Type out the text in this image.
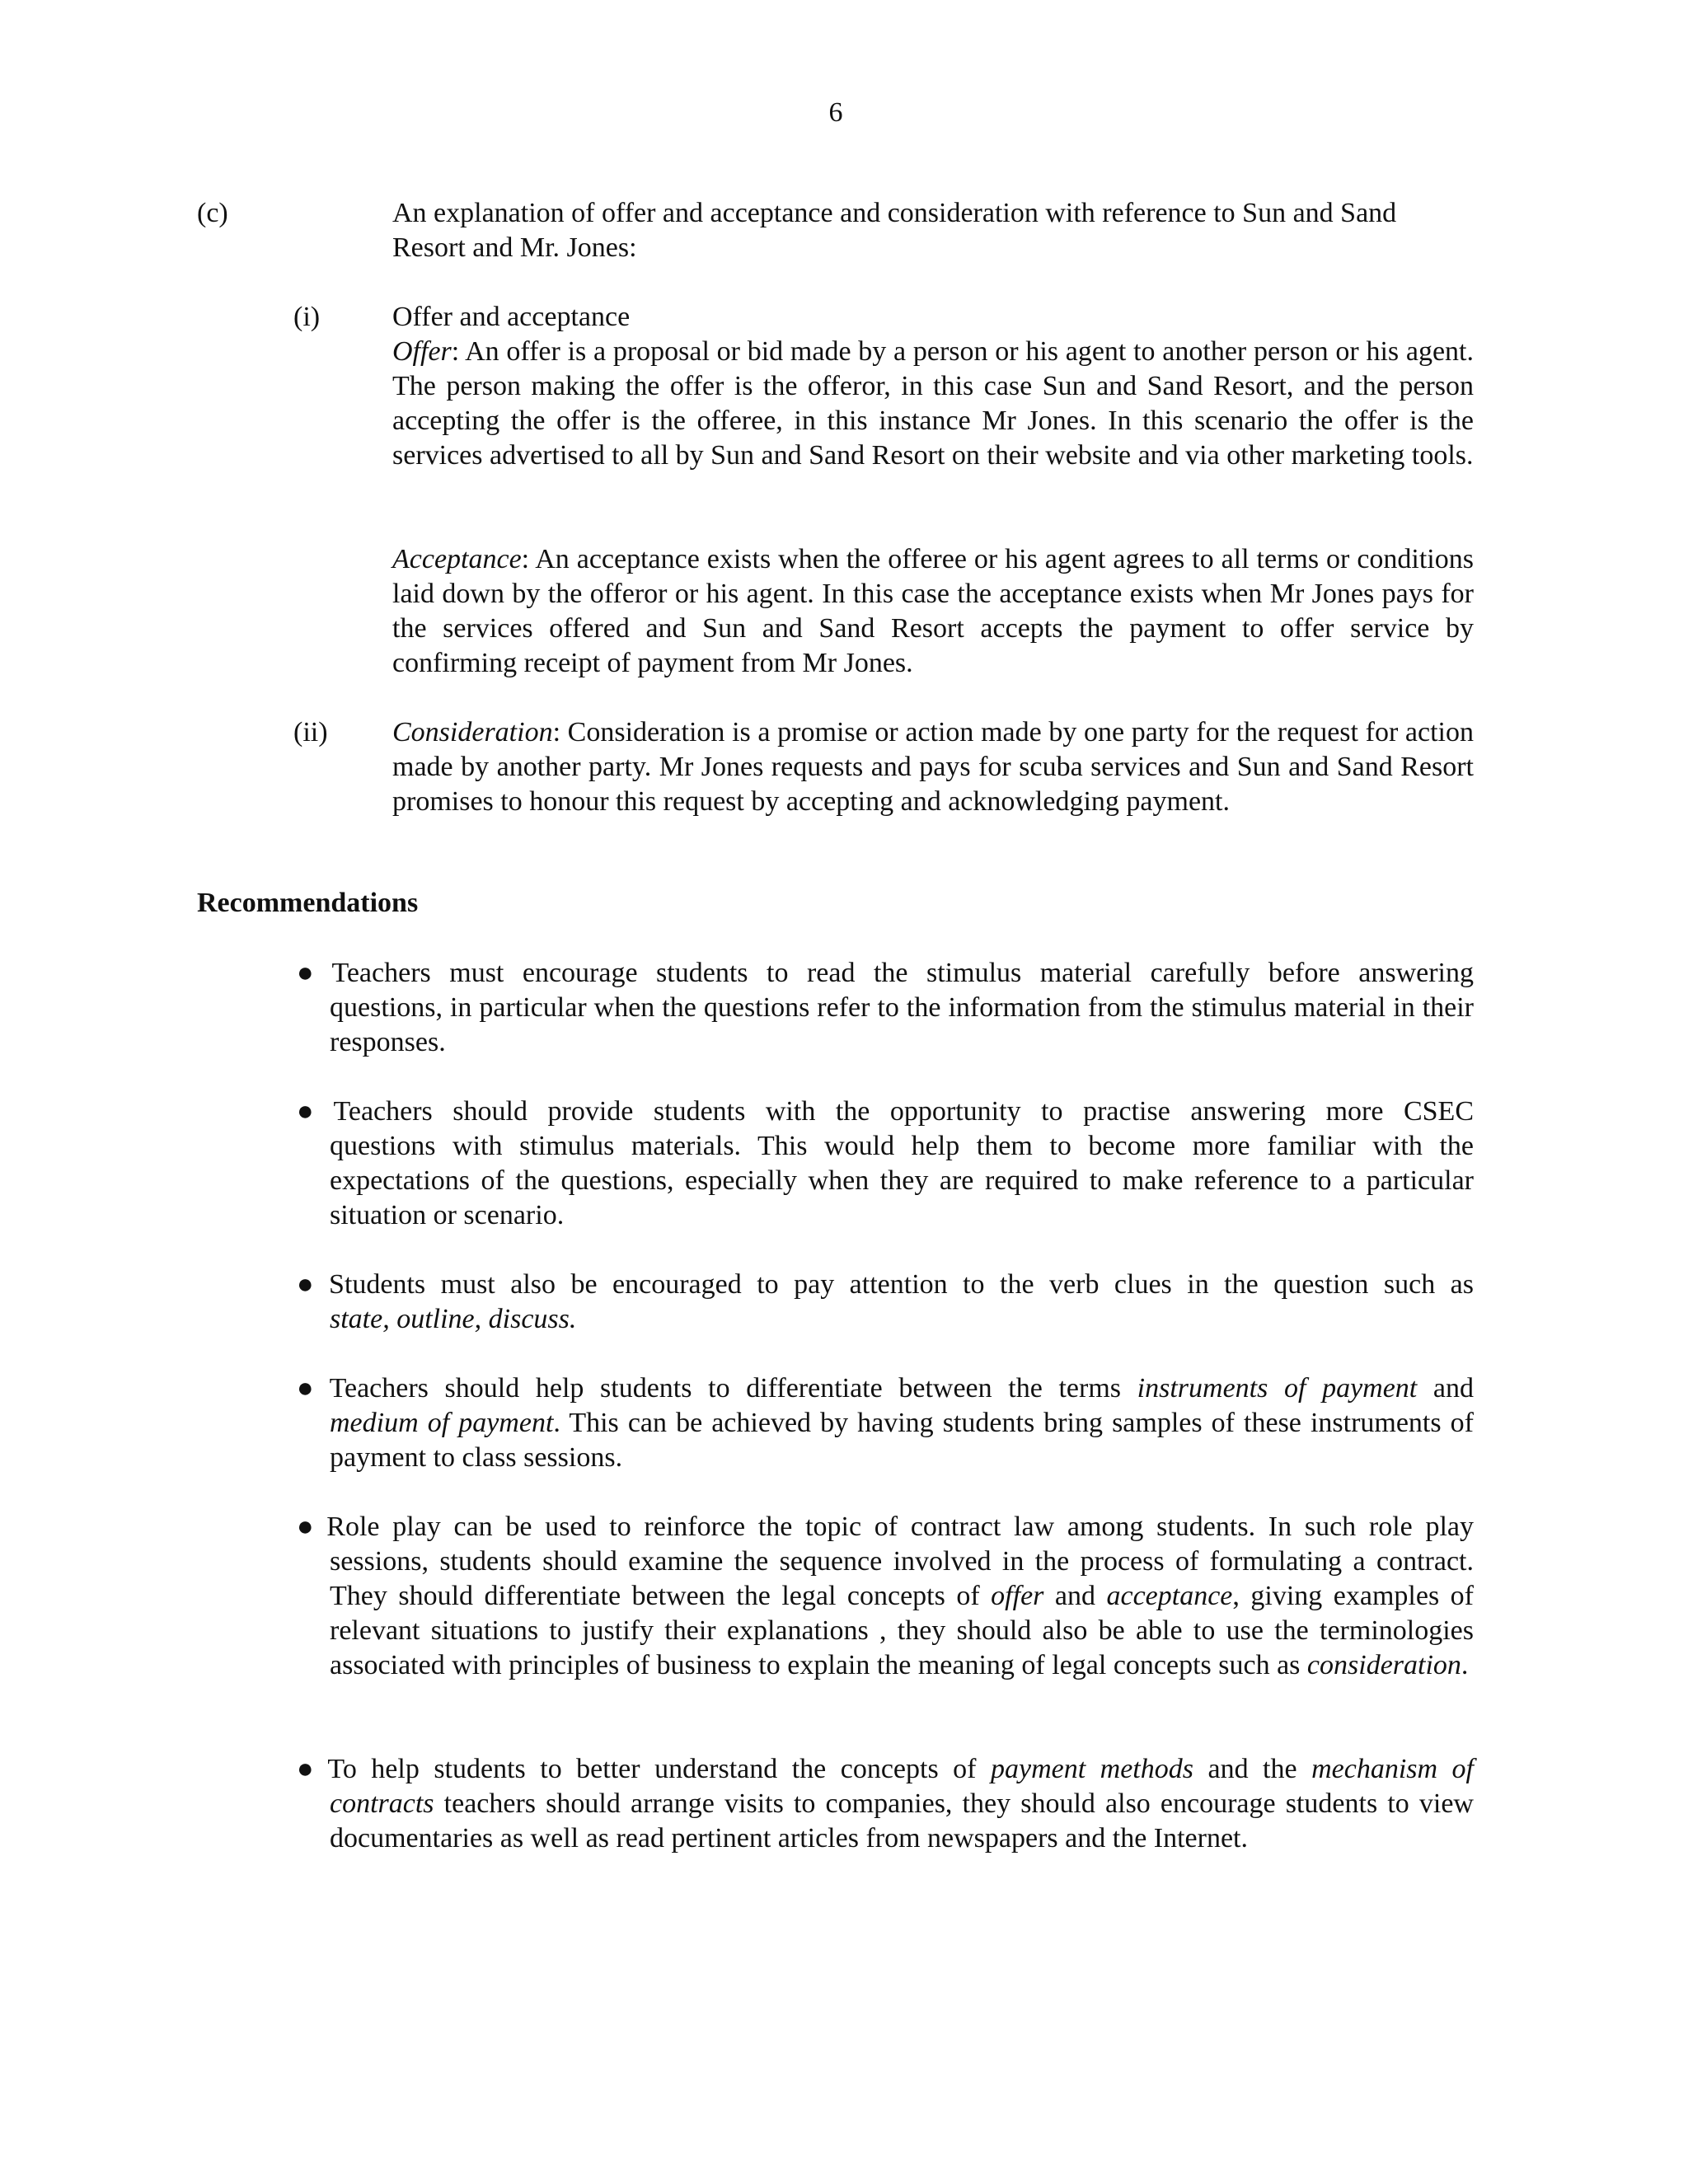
6
(c)	An explanation of offer and acceptance and consideration with reference to Sun and Sand

Resort and Mr. Jones:

(i)	Offer and acceptance

Offer: An offer is a proposal or bid made by a person or his agent to another person or his agent. The person making the offer is the offeror, in this case Sun and Sand Resort, and the person accepting the offer is the offeree, in this instance Mr Jones. In this scenario the offer is the services advertised to all by Sun and Sand Resort on their website and via other marketing tools.

Acceptance: An acceptance exists when the offeree or his agent agrees to all terms or conditions laid down by the offeror or his agent. In this case the acceptance exists when Mr Jones pays for the services offered and Sun and Sand Resort accepts the payment to offer service by confirming receipt of payment from Mr Jones.

(ii) Consideration: Consideration is a promise or action made by one party for the request for action made by another party. Mr Jones requests and pays for scuba services and Sun and Sand Resort promises to honour this request by accepting and acknowledging payment.

Recommendations
● Teachers must encourage students to read the stimulus material carefully before answering
questions, in particular when the questions refer to the information from the stimulus material in their responses.
● Teachers should provide students with the opportunity to practise answering more CSEC
questions with stimulus materials. This would help them to become more familiar with the expectations of the questions, especially when they are required to make reference to a particular situation or scenario.
● Students must also be encouraged to pay attention to the verb clues in the question such as
state, outline, discuss.
● Teachers should help students to differentiate between the terms instruments of payment and
medium of payment. This can be achieved by having students bring samples of these instruments of payment to class sessions.
● Role play can be used to reinforce the topic of contract law among students. In such role play
sessions, students should examine the sequence involved in the process of formulating a contract. They should differentiate between the legal concepts of offer and acceptance, giving examples of relevant situations to justify their explanations , they should also be able to use the terminologies associated with principles of business to explain the meaning of legal concepts such as consideration.
● To help students to better understand the concepts of payment methods and the mechanism of
contracts teachers should arrange visits to companies, they should also encourage students to view documentaries as well as read pertinent articles from newspapers and the Internet.
